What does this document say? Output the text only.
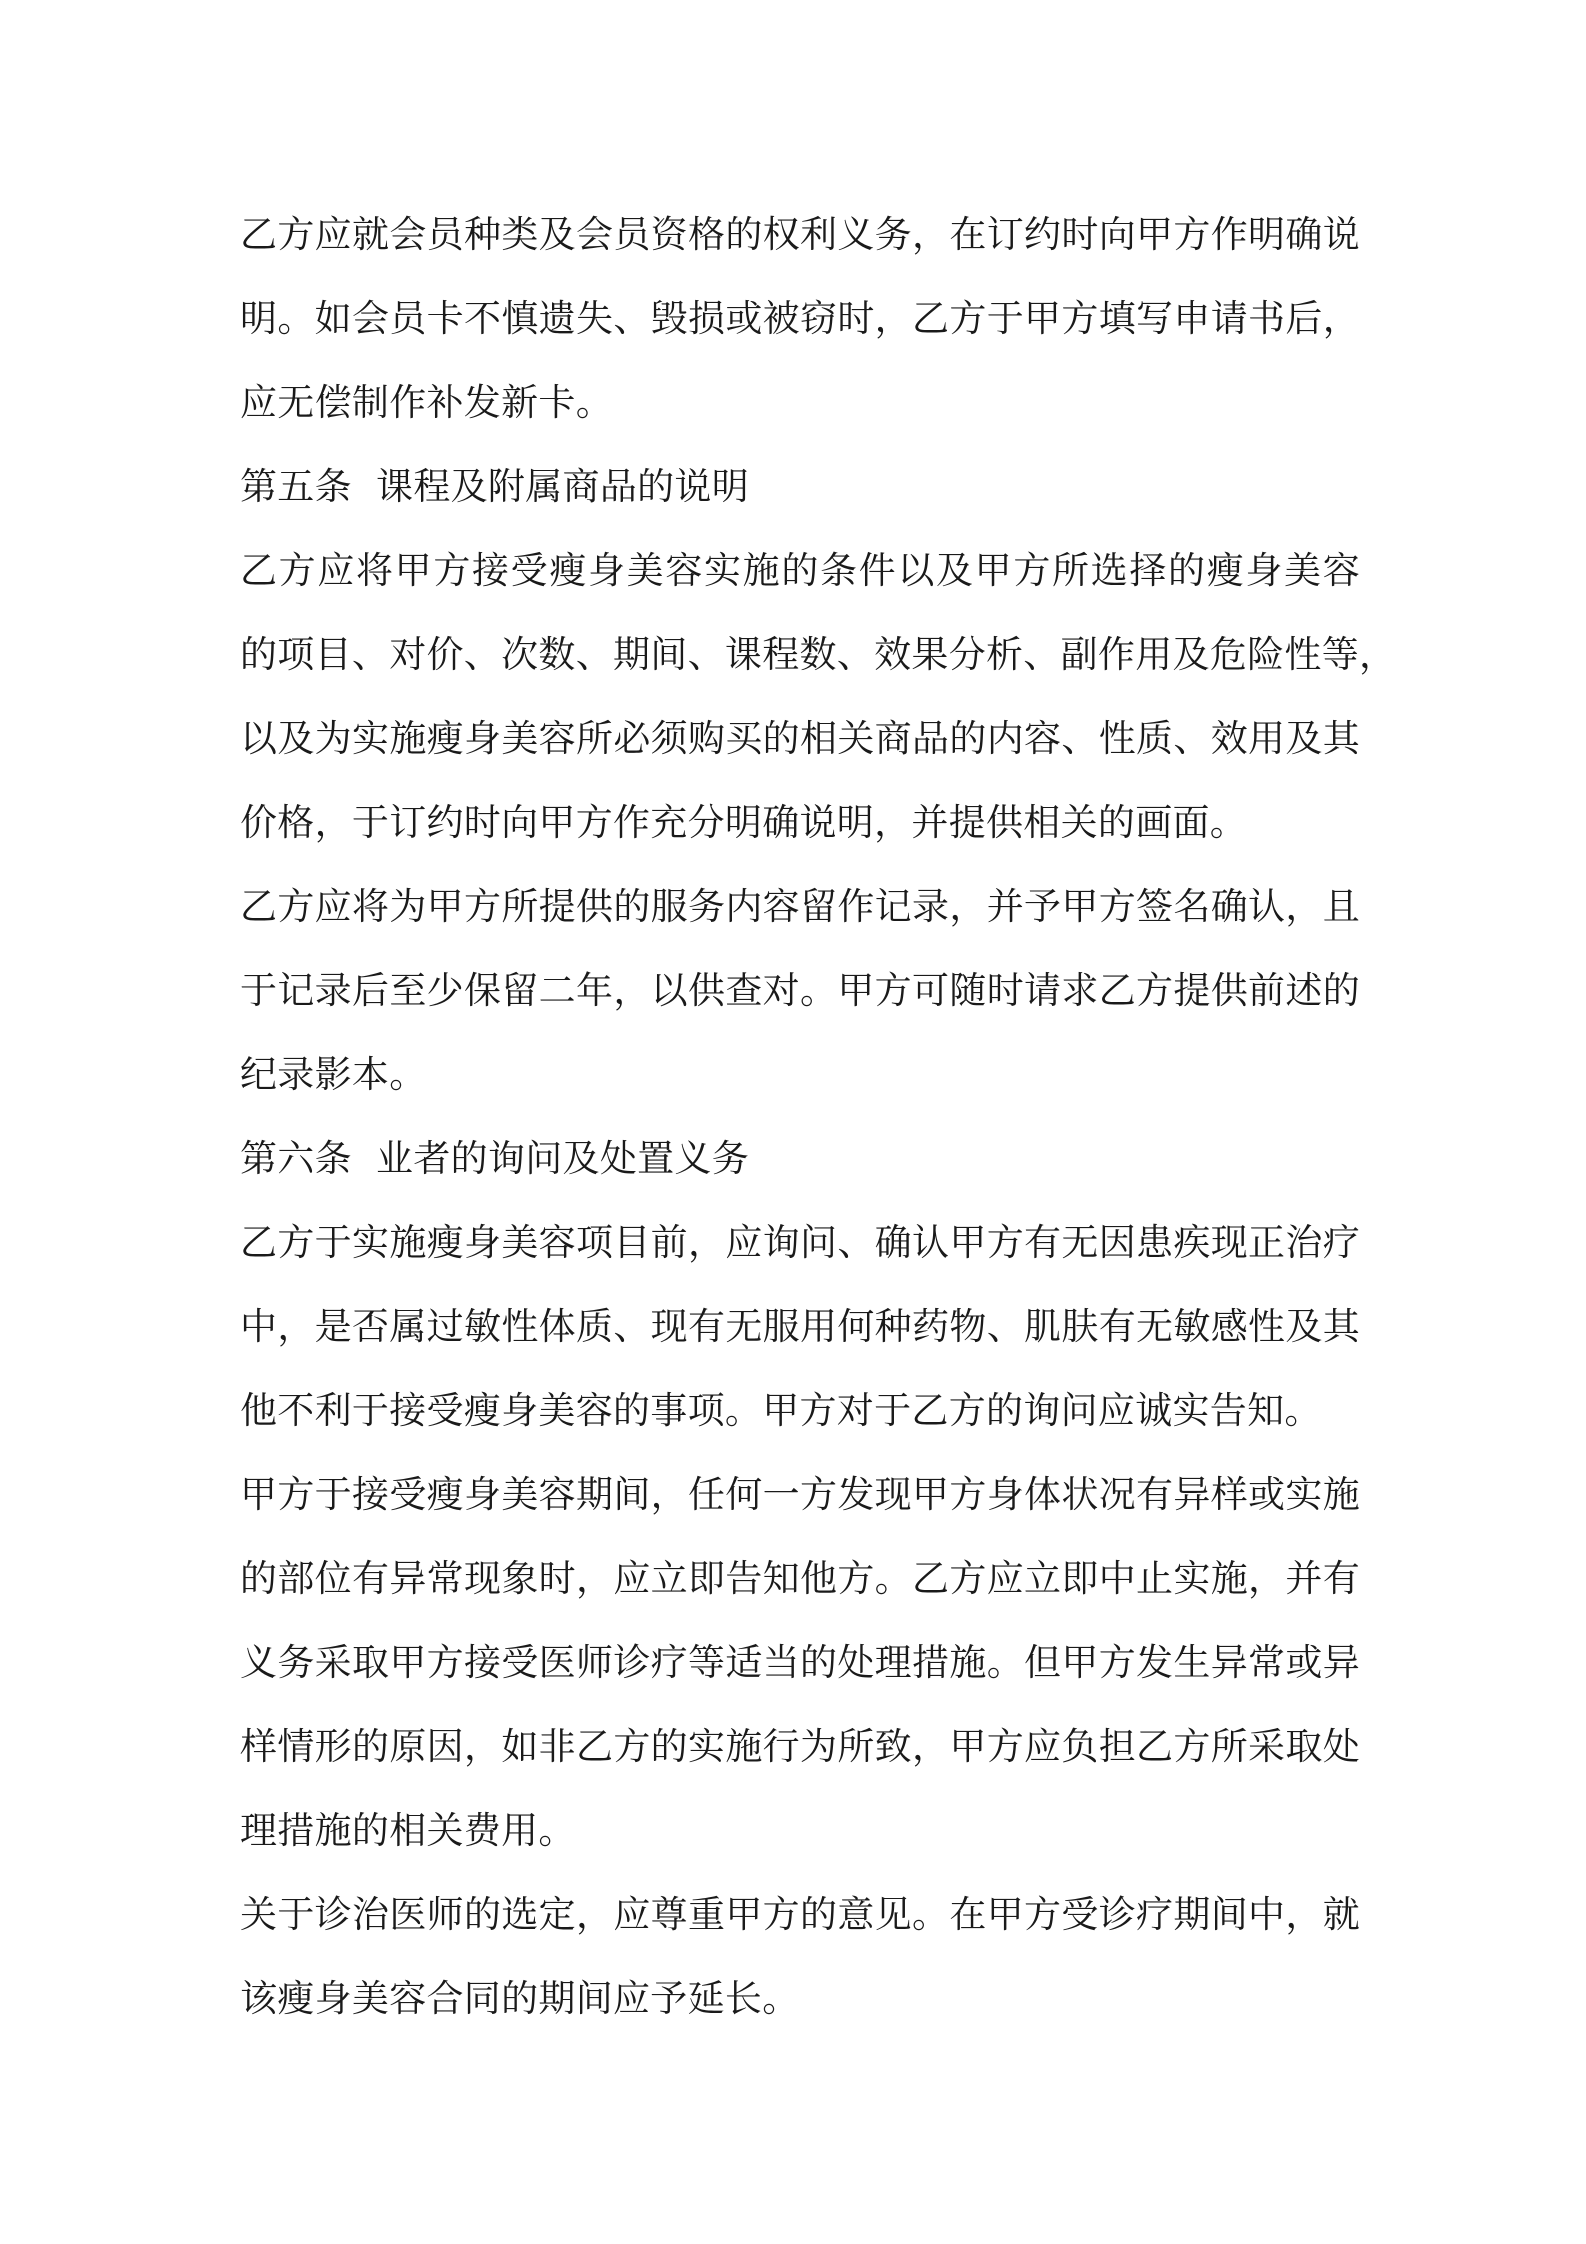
乙方应就会员种类及会员资格的权利义务，在订约时向甲方作明确说
明。如会员卡不慎遗失、毁损或被窃时，乙方于甲方填写申请书后，
应无偿制作补发新卡。
第五条  课程及附属商品的说明
乙方应将甲方接受瘦身美容实施的条件以及甲方所选择的瘦身美容
的项目、对价、次数、期间、课程数、效果分析、副作用及危险性等，
以及为实施瘦身美容所必须购买的相关商品的内容、性质、效用及其
价格，于订约时向甲方作充分明确说明，并提供相关的画面。
乙方应将为甲方所提供的服务内容留作记录，并予甲方签名确认，且
于记录后至少保留二年，以供查对。甲方可随时请求乙方提供前述的
纪录影本。
第六条  业者的询问及处置义务
乙方于实施瘦身美容项目前，应询问、确认甲方有无因患疾现正治疗
中，是否属过敏性体质、现有无服用何种药物、肌肤有无敏感性及其
他不利于接受瘦身美容的事项。甲方对于乙方的询问应诚实告知。
甲方于接受瘦身美容期间，任何一方发现甲方身体状况有异样或实施
的部位有异常现象时，应立即告知他方。乙方应立即中止实施，并有
义务采取甲方接受医师诊疗等适当的处理措施。但甲方发生异常或异
样情形的原因，如非乙方的实施行为所致，甲方应负担乙方所采取处
理措施的相关费用。
关于诊治医师的选定，应尊重甲方的意见。在甲方受诊疗期间中，就
该瘦身美容合同的期间应予延长。
